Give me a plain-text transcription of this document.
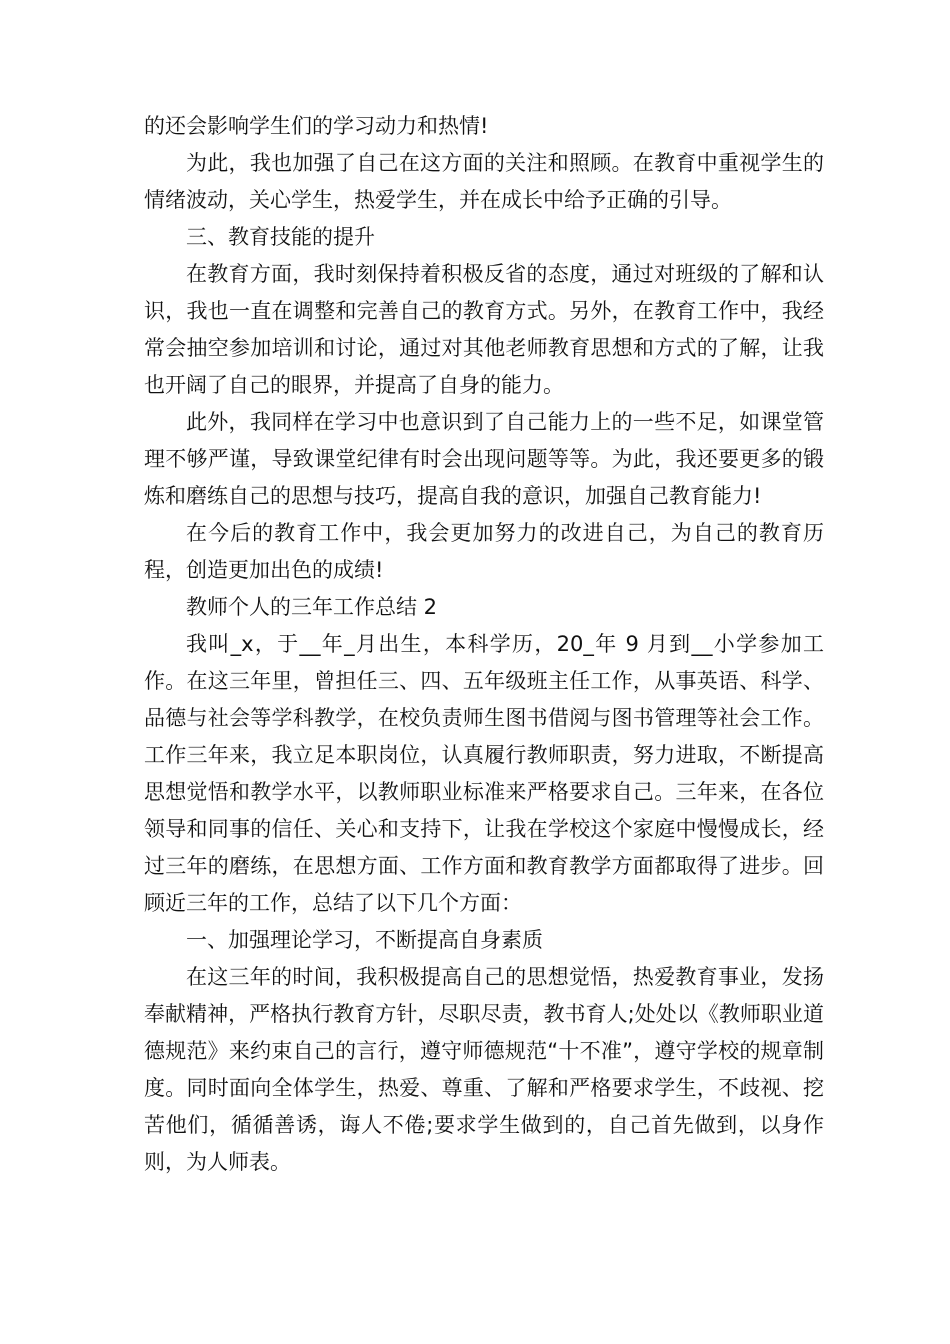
的还会影响学生们的学习动力和热情!

为此，我也加强了自己在这方面的关注和照顾。在教育中重视学生的情绪波动，关心学生，热爱学生，并在成长中给予正确的引导。

三、教育技能的提升

在教育方面，我时刻保持着积极反省的态度，通过对班级的了解和认识，我也一直在调整和完善自己的教育方式。另外，在教育工作中，我经常会抽空参加培训和讨论，通过对其他老师教育思想和方式的了解，让我也开阔了自己的眼界，并提高了自身的能力。

此外，我同样在学习中也意识到了自己能力上的一些不足，如课堂管理不够严谨，导致课堂纪律有时会出现问题等等。为此，我还要更多的锻炼和磨练自己的思想与技巧，提高自我的意识，加强自己教育能力!

在今后的教育工作中，我会更加努力的改进自己，为自己的教育历程，创造更加出色的成绩!

教师个人的三年工作总结 2

我叫_x，于__年_月出生，本科学历，20_年 9 月到__小学参加工作。在这三年里，曾担任三、四、五年级班主任工作，从事英语、科学、品德与社会等学科教学，在校负责师生图书借阅与图书管理等社会工作。工作三年来，我立足本职岗位，认真履行教师职责，努力进取，不断提高思想觉悟和教学水平，以教师职业标准来严格要求自己。三年来，在各位领导和同事的信任、关心和支持下，让我在学校这个家庭中慢慢成长，经过三年的磨练，在思想方面、工作方面和教育教学方面都取得了进步。回顾近三年的工作，总结了以下几个方面：

一、加强理论学习，不断提高自身素质

在这三年的时间，我积极提高自己的思想觉悟，热爱教育事业，发扬奉献精神，严格执行教育方针，尽职尽责，教书育人;处处以《教师职业道德规范》来约束自己的言行，遵守师德规范“十不准”，遵守学校的规章制度。同时面向全体学生，热爱、尊重、了解和严格要求学生，不歧视、挖苦他们，循循善诱，诲人不倦;要求学生做到的，自己首先做到，以身作则，为人师表。
